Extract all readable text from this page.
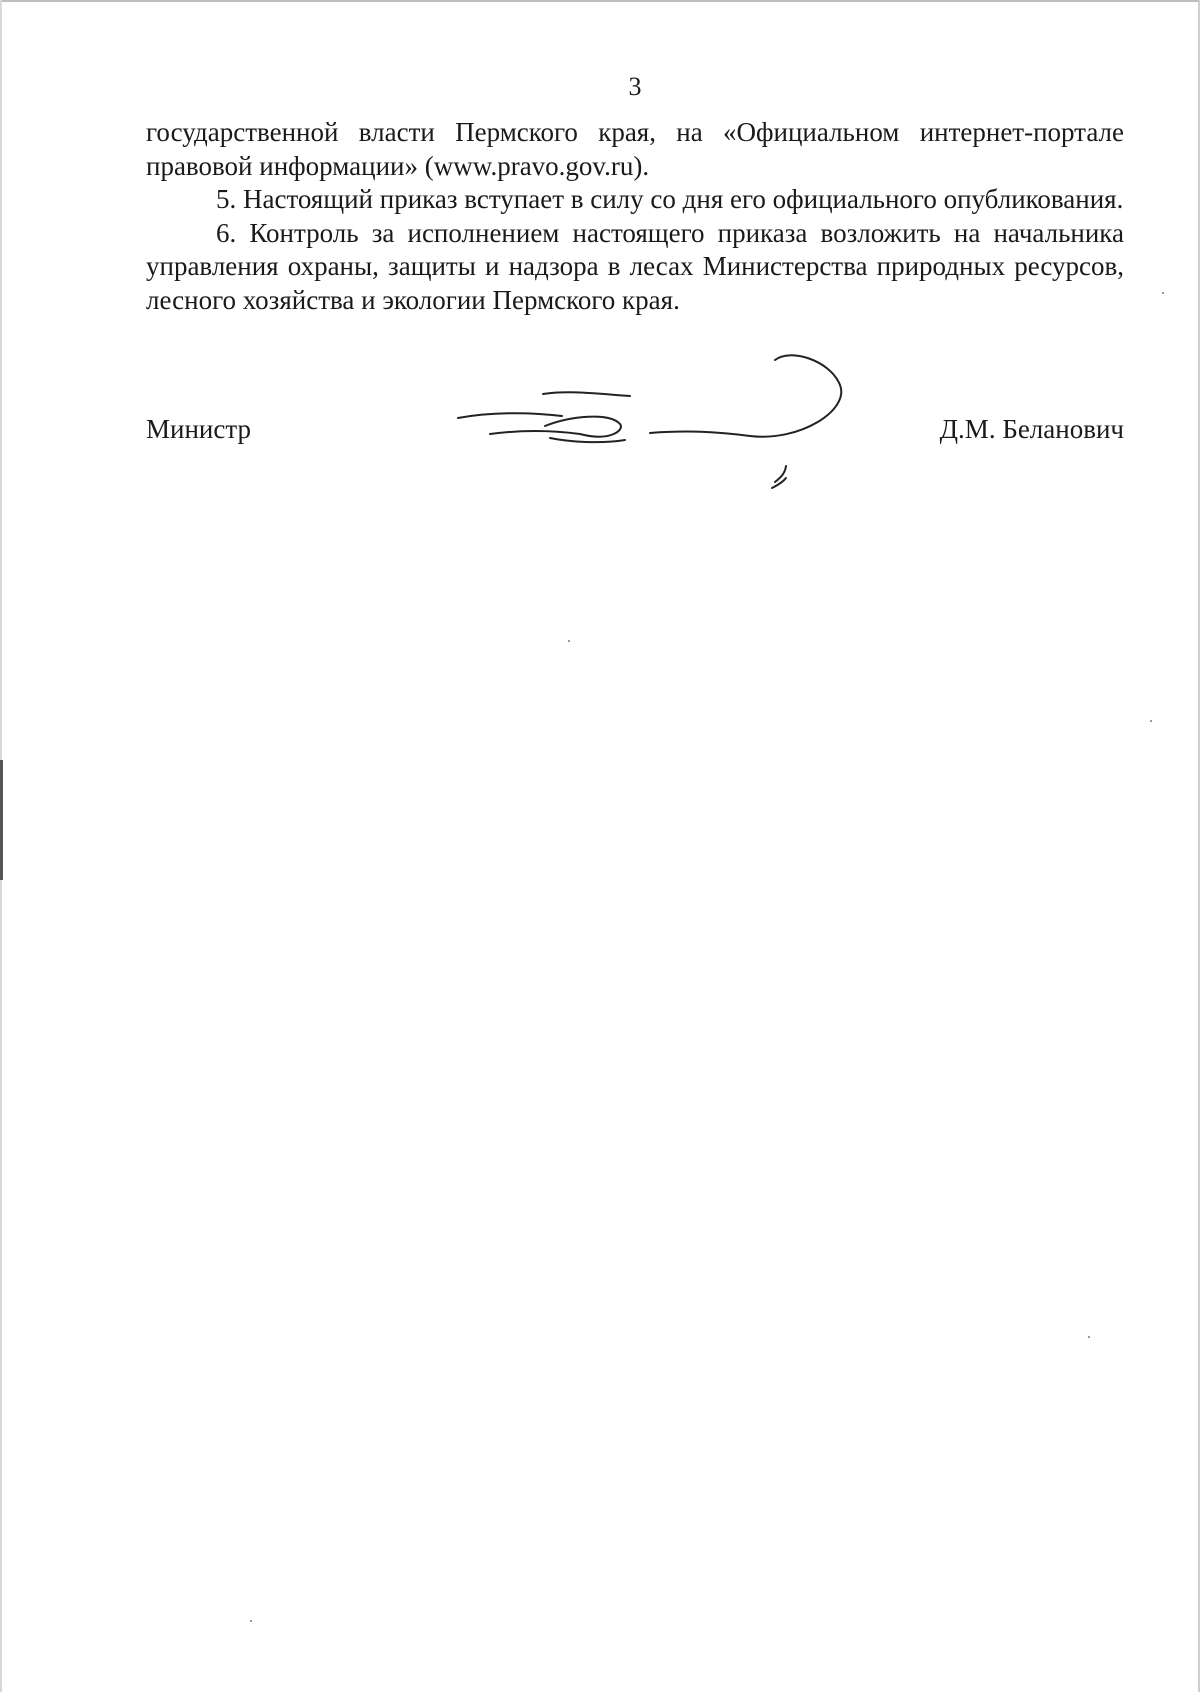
3

государственной власти Пермского края, на «Официальном интернет-портале правовой информации» (www.pravo.gov.ru).

5. Настоящий приказ вступает в силу со дня его официального опубликования.

6. Контроль за исполнением настоящего приказа возложить на начальника управления охраны, защиты и надзора в лесах Министерства природных ресурсов, лесного хозяйства и экологии Пермского края.

Министр	Д.М. Беланович
